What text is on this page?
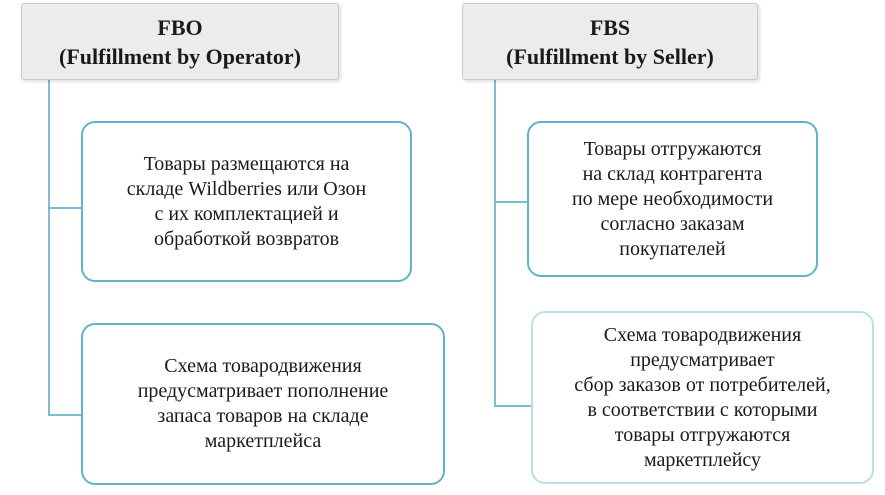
FBO
(Fulfillment by Operator)
FBS
(Fulfillment by Seller)
Товары размещаются на
складе Wildberries или Озон
с их комплектацией и
обработкой возвратов
Схема товародвижения
предусматривает пополнение
запаса товаров на складе
маркетплейса
Товары отгружаются
на склад контрагента
по мере необходимости
согласно заказам
покупателей
Схема товародвижения
предусматривает
сбор заказов от потребителей,
в соответствии с которыми
товары отгружаются
маркетплейсу
